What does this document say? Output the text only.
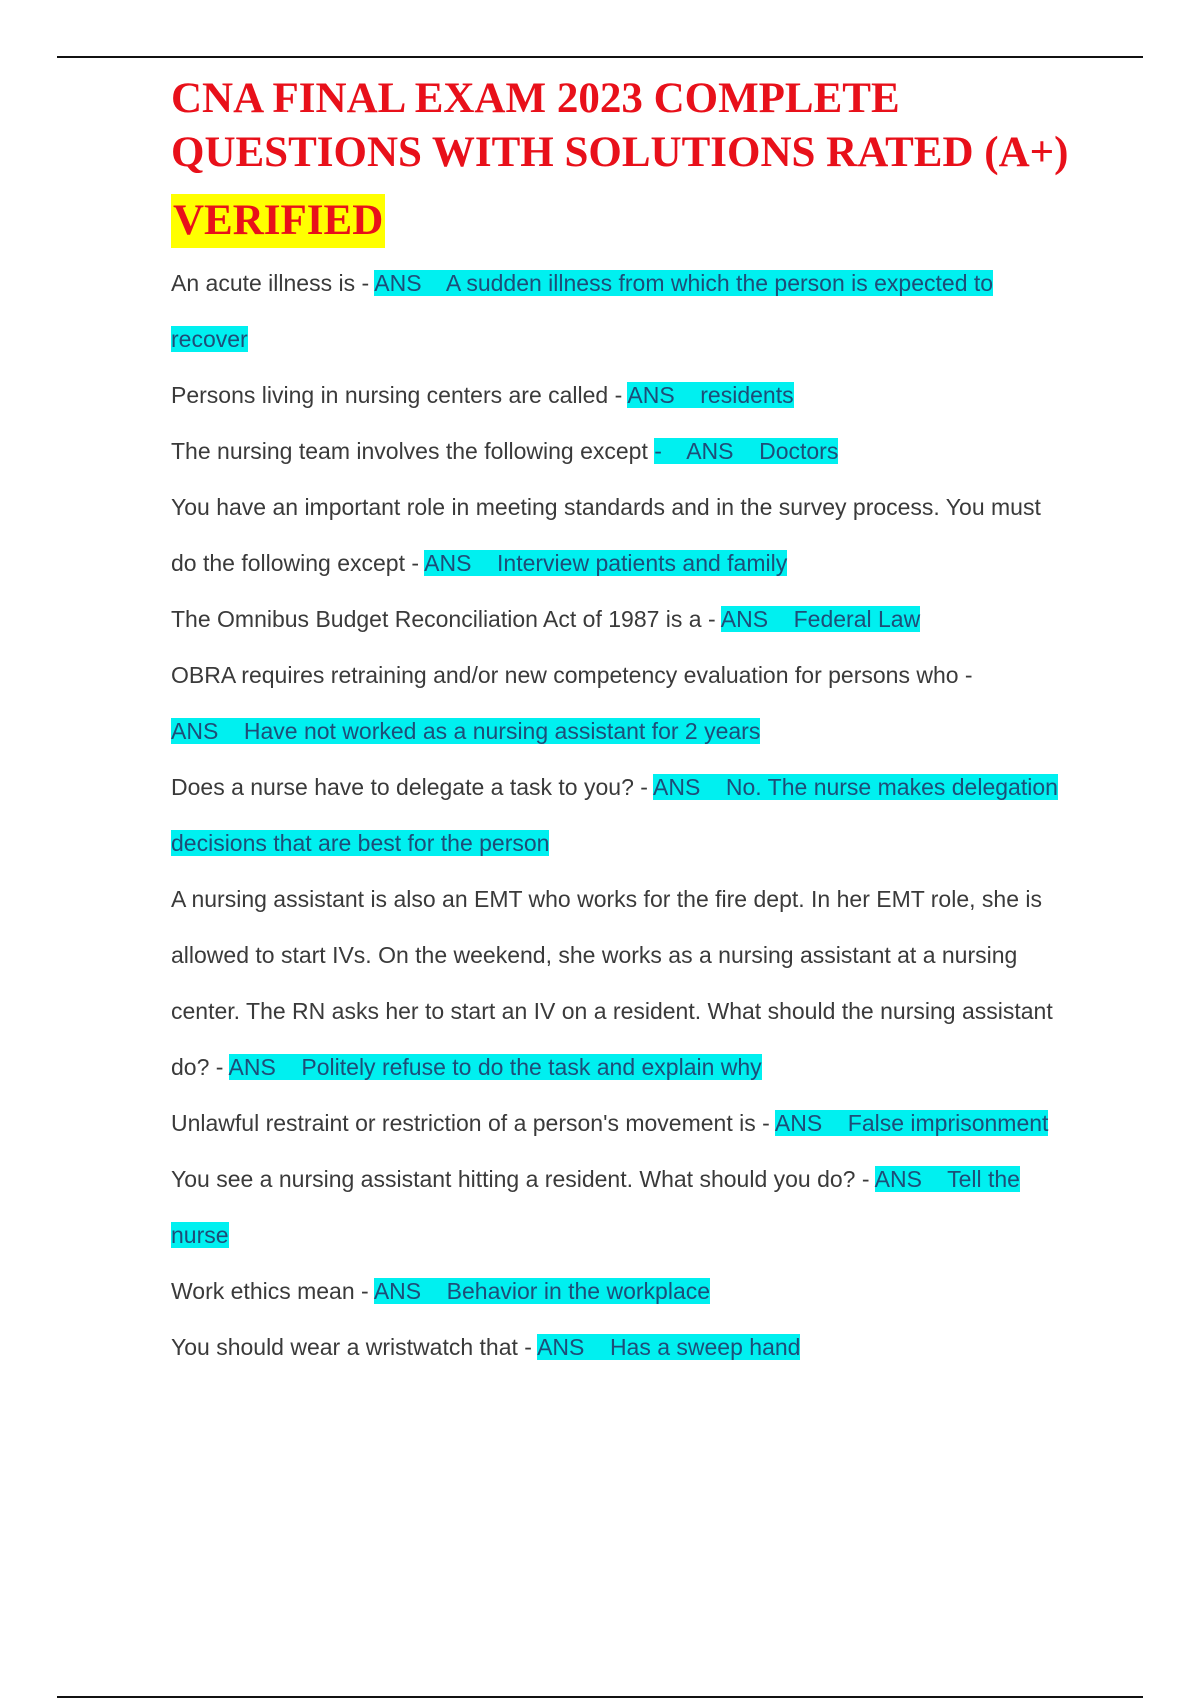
CNA FINAL EXAM 2023 COMPLETE QUESTIONS WITH SOLUTIONS RATED (A+)
VERIFIED

An acute illness is - ANS    A sudden illness from which the person is expected to recover

Persons living in nursing centers are called - ANS    residents

The nursing team involves the following except -    ANS    Doctors

You have an important role in meeting standards and in the survey process. You must do the following except - ANS    Interview patients and family

The Omnibus Budget Reconciliation Act of 1987 is a - ANS    Federal Law

OBRA requires retraining and/or new competency evaluation for persons who - ANS    Have not worked as a nursing assistant for 2 years

Does a nurse have to delegate a task to you? - ANS    No. The nurse makes delegation decisions that are best for the person

A nursing assistant is also an EMT who works for the fire dept. In her EMT role, she is allowed to start IVs. On the weekend, she works as a nursing assistant at a nursing center. The RN asks her to start an IV on a resident. What should the nursing assistant do? - ANS    Politely refuse to do the task and explain why

Unlawful restraint or restriction of a person's movement is - ANS    False imprisonment

You see a nursing assistant hitting a resident. What should you do? - ANS    Tell the nurse

Work ethics mean - ANS    Behavior in the workplace

You should wear a wristwatch that - ANS    Has a sweep hand
